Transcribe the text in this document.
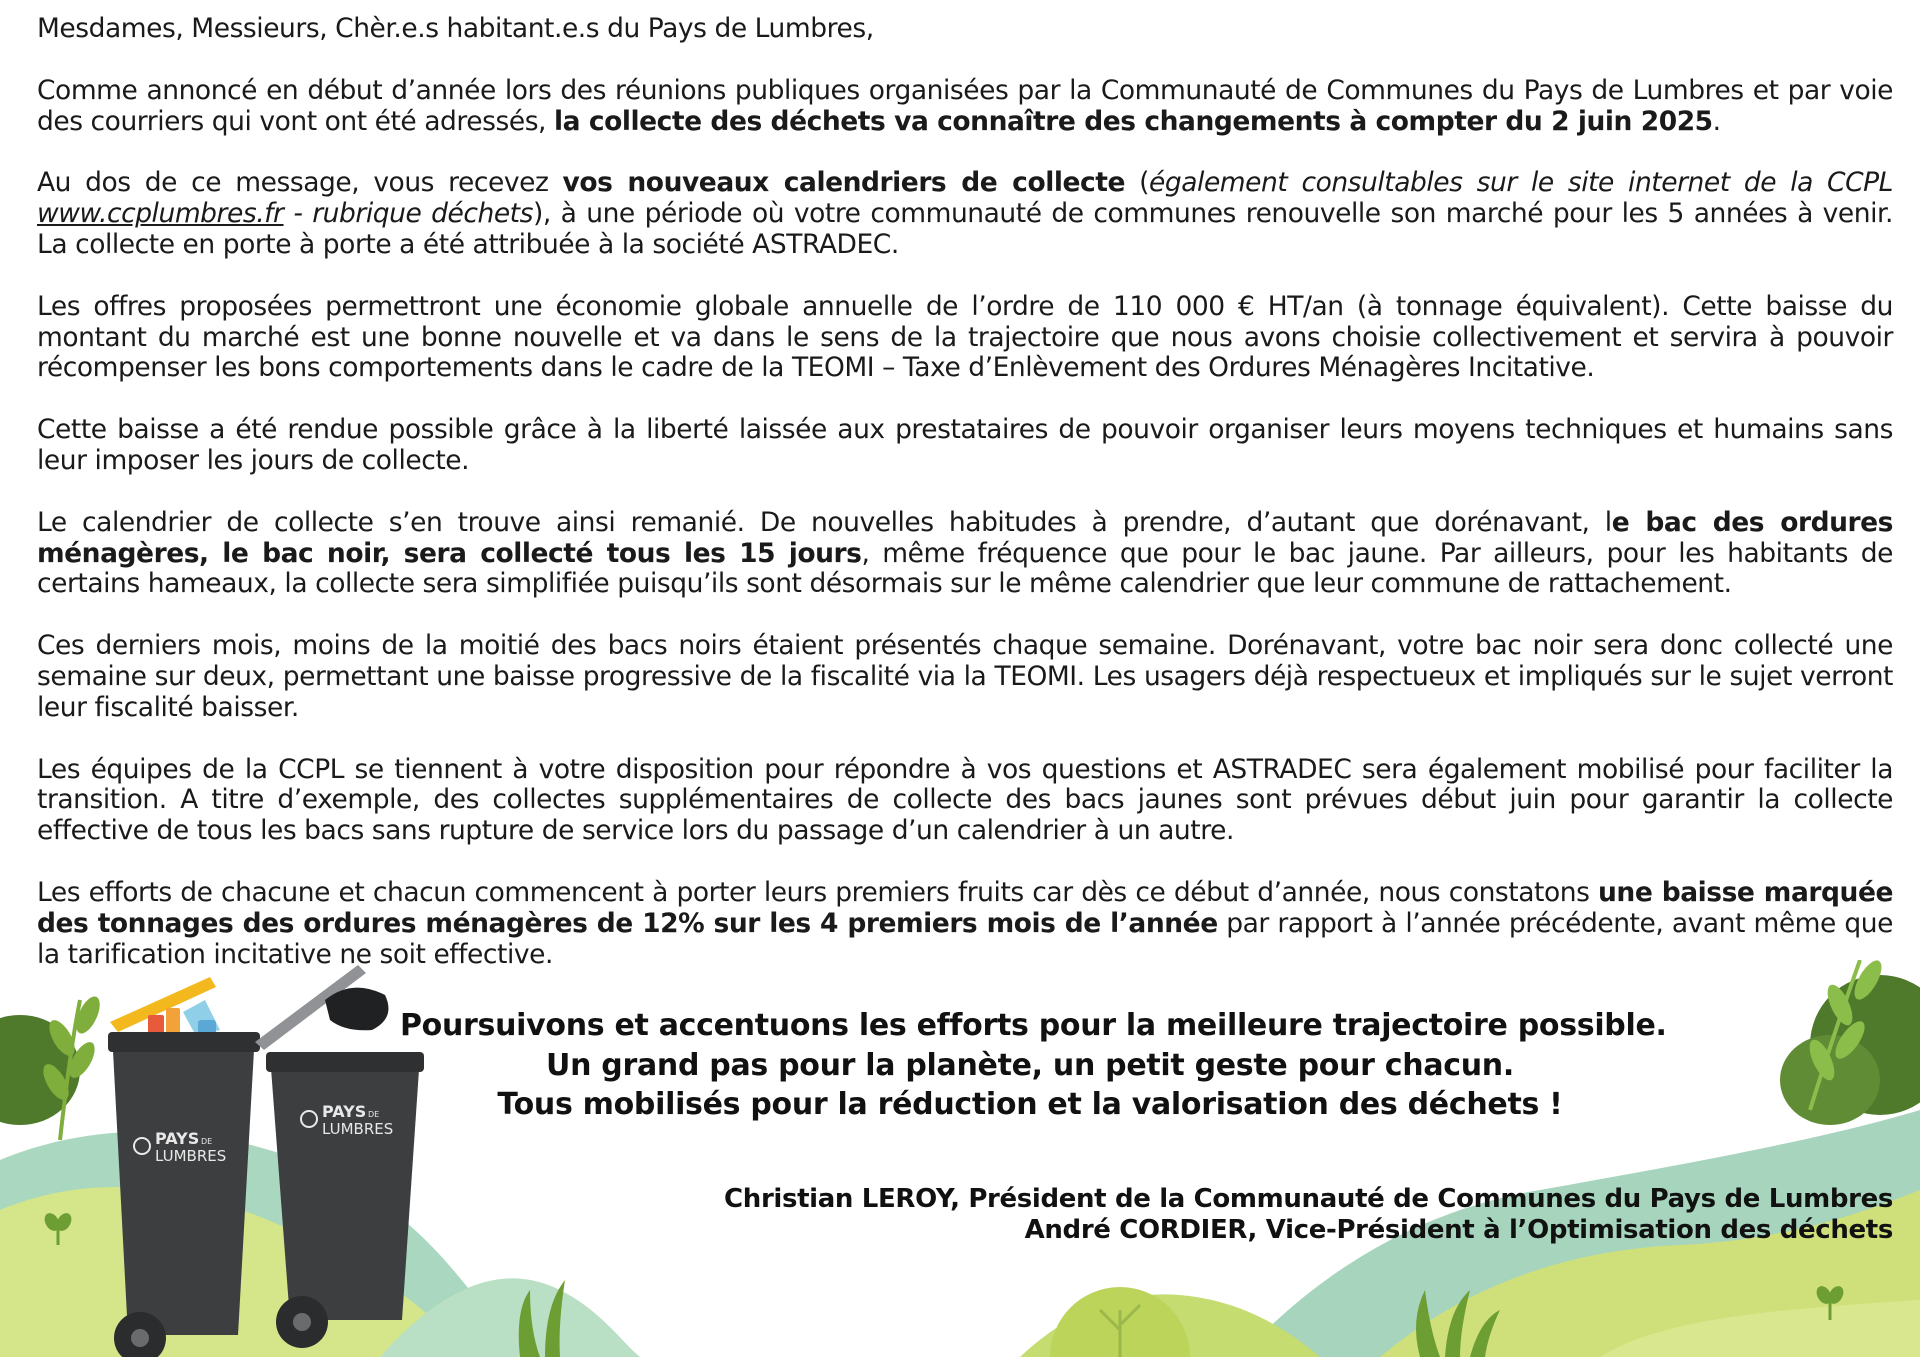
Mesdames, Messieurs, Chèr.e.s habitant.e.s du Pays de Lumbres,

Comme annoncé en début d’année lors des réunions publiques organisées par la Communauté de Communes du Pays de Lumbres et par voie des courriers qui vont ont été adressés, la collecte des déchets va connaître des changements à compter du 2 juin 2025.

Au dos de ce message, vous recevez vos nouveaux calendriers de collecte (également consultables sur le site internet de la CCPL www.ccplumbres.fr - rubrique déchets), à une période où votre communauté de communes renouvelle son marché pour les 5 années à venir. La collecte en porte à porte a été attribuée à la société ASTRADEC.

Les offres proposées permettront une économie globale annuelle de l’ordre de 110 000 € HT/an (à tonnage équivalent). Cette baisse du montant du marché est une bonne nouvelle et va dans le sens de la trajectoire que nous avons choisie collectivement et servira à pouvoir récompenser les bons comportements dans le cadre de la TEOMI – Taxe d’Enlèvement des Ordures Ménagères Incitative.

Cette baisse a été rendue possible grâce à la liberté laissée aux prestataires de pouvoir organiser leurs moyens techniques et humains sans leur imposer les jours de collecte.

Le calendrier de collecte s’en trouve ainsi remanié. De nouvelles habitudes à prendre, d’autant que dorénavant, le bac des ordures ménagères, le bac noir, sera collecté tous les 15 jours, même fréquence que pour le bac jaune. Par ailleurs, pour les habitants de certains hameaux, la collecte sera simplifiée puisqu’ils sont désormais sur le même calendrier que leur commune de rattachement.

Ces derniers mois, moins de la moitié des bacs noirs étaient présentés chaque semaine. Dorénavant, votre bac noir sera donc collecté une semaine sur deux, permettant une baisse progressive de la fiscalité via la TEOMI. Les usagers déjà respectueux et impliqués sur le sujet verront leur fiscalité baisser.

Les équipes de la CCPL se tiennent à votre disposition pour répondre à vos questions et ASTRADEC sera également mobilisé pour faciliter la transition. A titre d’exemple, des collectes supplémentaires de collecte des bacs jaunes sont prévues début juin pour garantir la collecte effective de tous les bacs sans rupture de service lors du passage d’un calendrier à un autre.

Les efforts de chacune et chacun commencent à porter leurs premiers fruits car dès ce début d’année, nous constatons une baisse marquée des tonnages des ordures ménagères de 12% sur les 4 premiers mois de l’année par rapport à l’année précédente, avant même que la tarification incitative ne soit effective.

PAYS DE
LUMBRES
PAYS DE
LUMBRES
Poursuivons et accentuons les efforts pour la meilleure trajectoire possible.
Un grand pas pour la planète, un petit geste pour chacun.
Tous mobilisés pour la réduction et la valorisation des déchets !
Christian LEROY, Président de la Communauté de Communes du Pays de Lumbres
André CORDIER, Vice-Président à l’Optimisation des déchets
